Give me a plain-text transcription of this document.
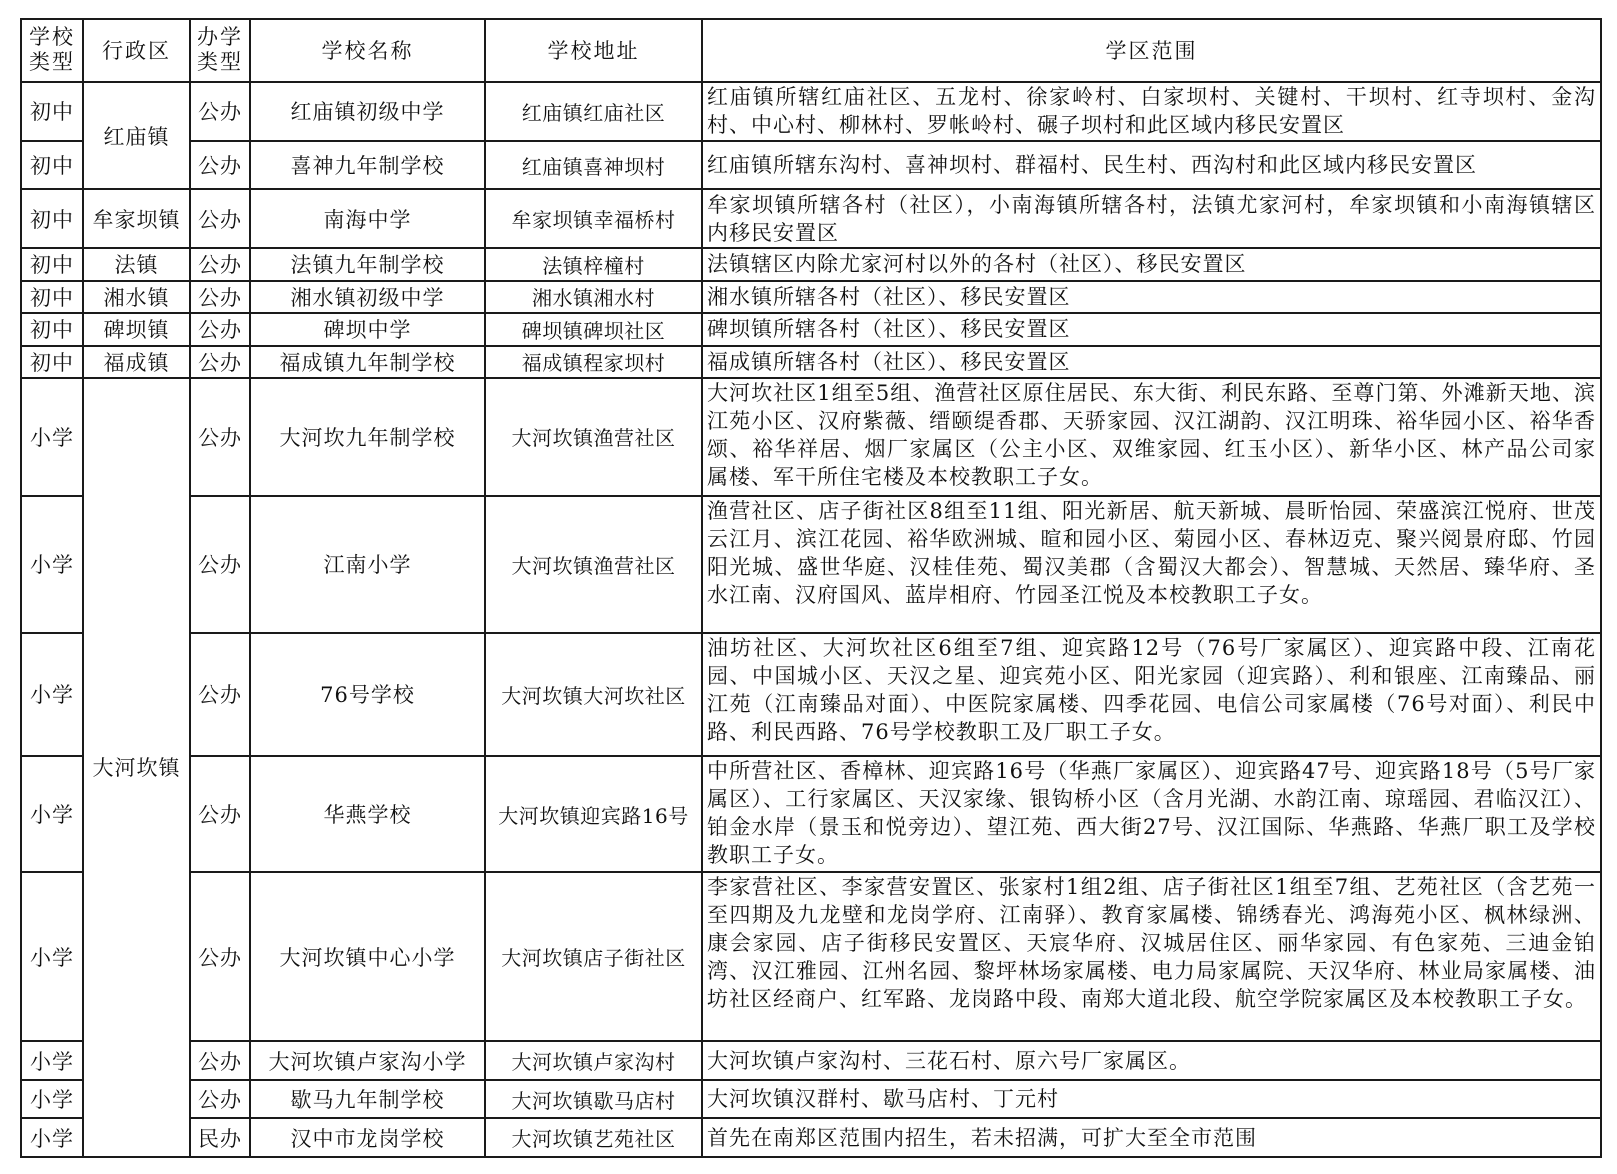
学校类型	行政区	办学类型	学校名称	学校地址	学区范围
初中	红庙镇	公办	红庙镇初级中学	红庙镇红庙社区	红庙镇所辖红庙社区、五龙村、徐家岭村、白家坝村、关键村、干坝村、红寺坝村、金沟村、中心村、柳林村、罗帐岭村、碾子坝村和此区域内移民安置区
初中		公办	喜神九年制学校	红庙镇喜神坝村	红庙镇所辖东沟村、喜神坝村、群福村、民生村、西沟村和此区域内移民安置区
初中	牟家坝镇	公办	南海中学	牟家坝镇幸福桥村	牟家坝镇所辖各村（社区），小南海镇所辖各村，法镇尤家河村，牟家坝镇和小南海镇辖区内移民安置区
初中	法镇	公办	法镇九年制学校	法镇梓橦村	法镇辖区内除尤家河村以外的各村（社区）、移民安置区
初中	湘水镇	公办	湘水镇初级中学	湘水镇湘水村	湘水镇所辖各村（社区）、移民安置区
初中	碑坝镇	公办	碑坝中学	碑坝镇碑坝社区	碑坝镇所辖各村（社区）、移民安置区
初中	福成镇	公办	福成镇九年制学校	福成镇程家坝村	福成镇所辖各村（社区）、移民安置区
小学	大河坎镇	公办	大河坎九年制学校	大河坎镇渔营社区	大河坎社区1组至5组、渔营社区原住居民、东大街、利民东路、至尊门第、外滩新天地、滨江苑小区、汉府紫薇、缙颐缇香郡、天骄家园、汉江湖韵、汉江明珠、裕华园小区、裕华香颂、裕华祥居、烟厂家属区（公主小区、双维家园、红玉小区）、新华小区、林产品公司家属楼、军干所住宅楼及本校教职工子女。
小学		公办	江南小学	大河坎镇渔营社区	渔营社区、店子街社区8组至11组、阳光新居、航天新城、晨昕怡园、荣盛滨江悦府、世茂云江月、滨江花园、裕华欧洲城、暄和园小区、菊园小区、春林迈克、聚兴阅景府邸、竹园阳光城、盛世华庭、汉桂佳苑、蜀汉美郡（含蜀汉大都会）、智慧城、天然居、臻华府、圣水江南、汉府国风、蓝岸相府、竹园圣江悦及本校教职工子女。
小学		公办	76号学校	大河坎镇大河坎社区	油坊社区、大河坎社区6组至7组、迎宾路12号（76号厂家属区）、迎宾路中段、江南花园、中国城小区、天汉之星、迎宾苑小区、阳光家园（迎宾路）、利和银座、江南臻品、丽江苑（江南臻品对面）、中医院家属楼、四季花园、电信公司家属楼（76号对面）、利民中路、利民西路、76号学校教职工及厂职工子女。
小学		公办	华燕学校	大河坎镇迎宾路16号	中所营社区、香樟林、迎宾路16号（华燕厂家属区）、迎宾路47号、迎宾路18号（5号厂家属区）、工行家属区、天汉家缘、银钩桥小区（含月光湖、水韵江南、琼瑶园、君临汉江）、铂金水岸（景玉和悦旁边）、望江苑、西大街27号、汉江国际、华燕路、华燕厂职工及学校教职工子女。
小学		公办	大河坎镇中心小学	大河坎镇店子街社区	李家营社区、李家营安置区、张家村1组2组、店子街社区1组至7组、艺苑社区（含艺苑一至四期及九龙壁和龙岗学府、江南驿）、教育家属楼、锦绣春光、鸿海苑小区、枫林绿洲、康会家园、店子街移民安置区、天宸华府、汉城居住区、丽华家园、有色家苑、三迪金铂湾、汉江雅园、江州名园、黎坪林场家属楼、电力局家属院、天汉华府、林业局家属楼、油坊社区经商户、红军路、龙岗路中段、南郑大道北段、航空学院家属区及本校教职工子女。
小学		公办	大河坎镇卢家沟小学	大河坎镇卢家沟村	大河坎镇卢家沟村、三花石村、原六号厂家属区。
小学		公办	歇马九年制学校	大河坎镇歇马店村	大河坎镇汉群村、歇马店村、丁元村
小学		民办	汉中市龙岗学校	大河坎镇艺苑社区	首先在南郑区范围内招生，若未招满，可扩大至全市范围
